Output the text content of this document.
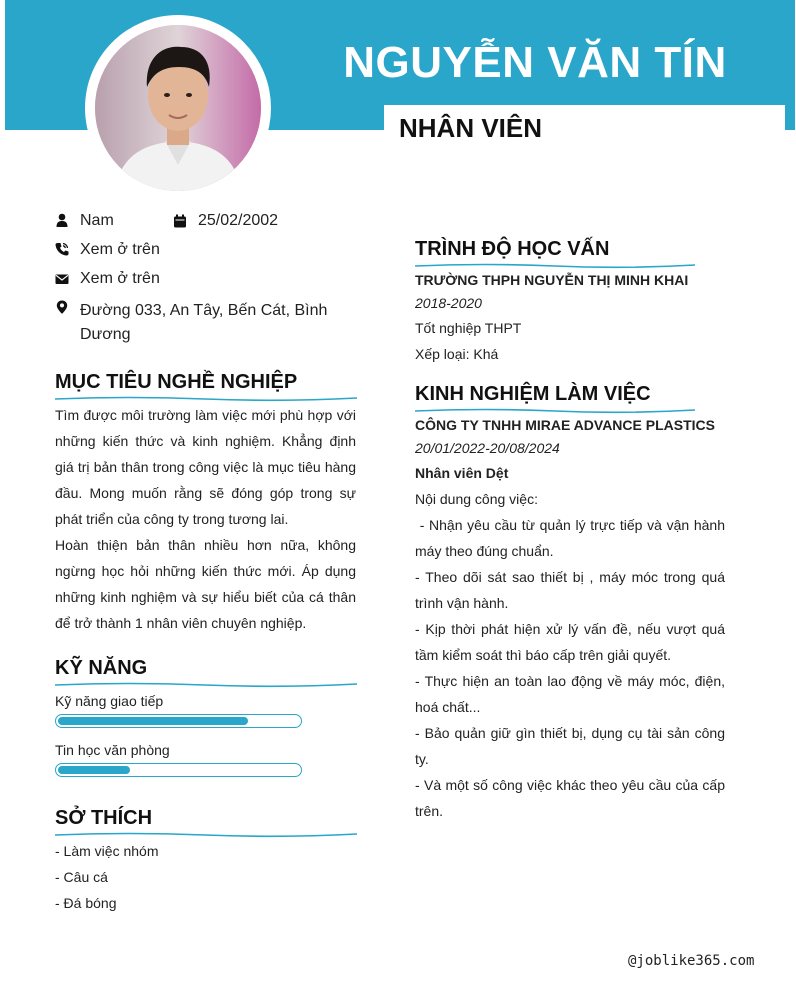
NGUYỄN VĂN TÍN
NHÂN VIÊN
Nam	25/02/2002
Xem ở trên
Xem ở trên
Đường 033, An Tây, Bến Cát, Bình Dương
MỤC TIÊU NGHỀ NGHIỆP
Tìm được môi trường làm việc mới phù hợp với những kiến thức và kinh nghiệm. Khẳng định giá trị bản thân trong công việc là mục tiêu hàng đầu. Mong muốn rằng sẽ đóng góp trong sự phát triển của công ty trong tương lai.
Hoàn thiện bản thân nhiều hơn nữa, không ngừng học hỏi những kiến thức mới. Áp dụng những kinh nghiệm và sự hiểu biết của cá thân để trở thành 1 nhân viên chuyên nghiệp.
KỸ NĂNG
Kỹ năng giao tiếp
Tin học văn phòng
SỞ THÍCH
- Làm việc nhóm
- Câu cá
- Đá bóng
TRÌNH ĐỘ HỌC VẤN
TRƯỜNG THPH NGUYỄN THỊ MINH KHAI
2018-2020
Tốt nghiệp THPT
Xếp loại: Khá
KINH NGHIỆM LÀM VIỆC
CÔNG TY TNHH MIRAE ADVANCE PLASTICS
20/01/2022-20/08/2024
Nhân viên Dệt
Nội dung công việc:
- Nhận yêu cầu từ quản lý trực tiếp và vận hành máy theo đúng chuẩn.
- Theo dõi sát sao thiết bị , máy móc trong quá trình vận hành.
- Kịp thời phát hiện xử lý vấn đề, nếu vượt quá tầm kiểm soát thì báo cấp trên giải quyết.
- Thực hiện an toàn lao động về máy móc, điện, hoá chất...
- Bảo quản giữ gìn thiết bị, dụng cụ tài sản công ty.
- Và một số công việc khác theo yêu cầu của cấp trên.
@joblike365.com
